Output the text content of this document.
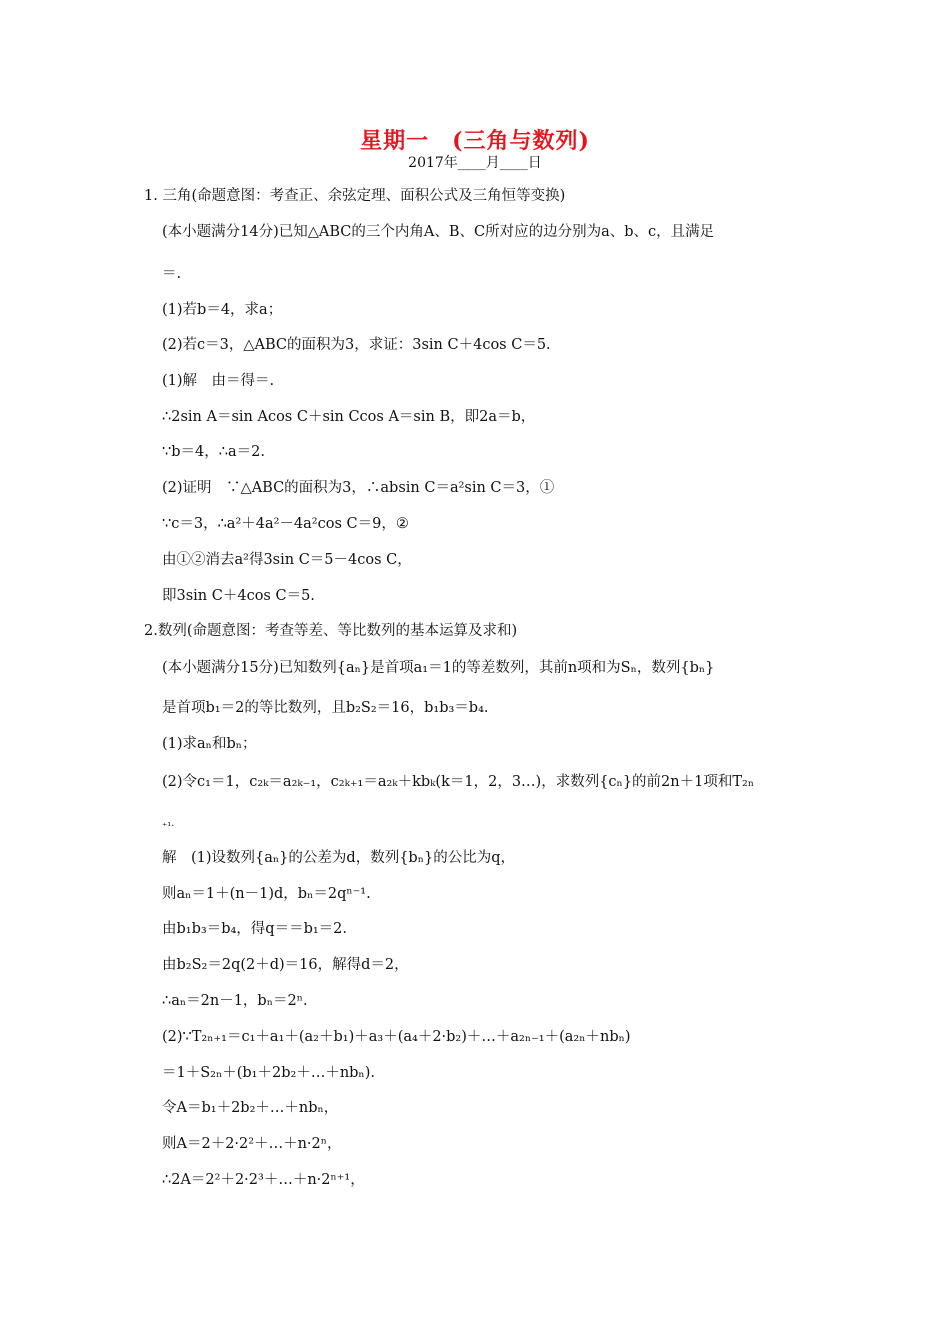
星期一　(三角与数列)
2017年____月____日
1. 三角(命题意图：考查正、余弦定理、面积公式及三角恒等变换)
(本小题满分14分)已知△ABC的三个内角A、B、C所对应的边分别为a、b、c，且满足
＝.
(1)若b＝4，求a；
(2)若c＝3，△ABC的面积为3，求证：3sin C＋4cos C＝5.
(1)解　由＝得＝.
∴2sin A＝sin Acos C＋sin Ccos A＝sin B，即2a＝b，
∵b＝4，∴a＝2.
(2)证明　∵△ABC的面积为3，∴absin C＝a²sin C＝3，①
∵c＝3，∴a²＋4a²－4a²cos C＝9，②
由①②消去a²得3sin C＝5－4cos C，
即3sin C＋4cos C＝5.
2.数列(命题意图：考查等差、等比数列的基本运算及求和)
(本小题满分15分)已知数列{aₙ}是首项a₁＝1的等差数列，其前n项和为Sₙ，数列{bₙ}
是首项b₁＝2的等比数列，且b₂S₂＝16，b₁b₃＝b₄.
(1)求aₙ和bₙ；
(2)令c₁＝1，c₂ₖ＝a₂ₖ₋₁，c₂ₖ₊₁＝a₂ₖ＋kbₖ(k＝1，2，3…)，求数列{cₙ}的前2n＋1项和T₂ₙ
₊₁.
解　(1)设数列{aₙ}的公差为d，数列{bₙ}的公比为q，
则aₙ＝1＋(n－1)d，bₙ＝2qⁿ⁻¹.
由b₁b₃＝b₄，得q＝＝b₁＝2.
由b₂S₂＝2q(2＋d)＝16，解得d＝2，
∴aₙ＝2n－1，bₙ＝2ⁿ.
(2)∵T₂ₙ₊₁＝c₁＋a₁＋(a₂＋b₁)＋a₃＋(a₄＋2·b₂)＋…＋a₂ₙ₋₁＋(a₂ₙ＋nbₙ)
＝1＋S₂ₙ＋(b₁＋2b₂＋…＋nbₙ).
令A＝b₁＋2b₂＋…＋nbₙ，
则A＝2＋2·2²＋…＋n·2ⁿ，
∴2A＝2²＋2·2³＋…＋n·2ⁿ⁺¹，
